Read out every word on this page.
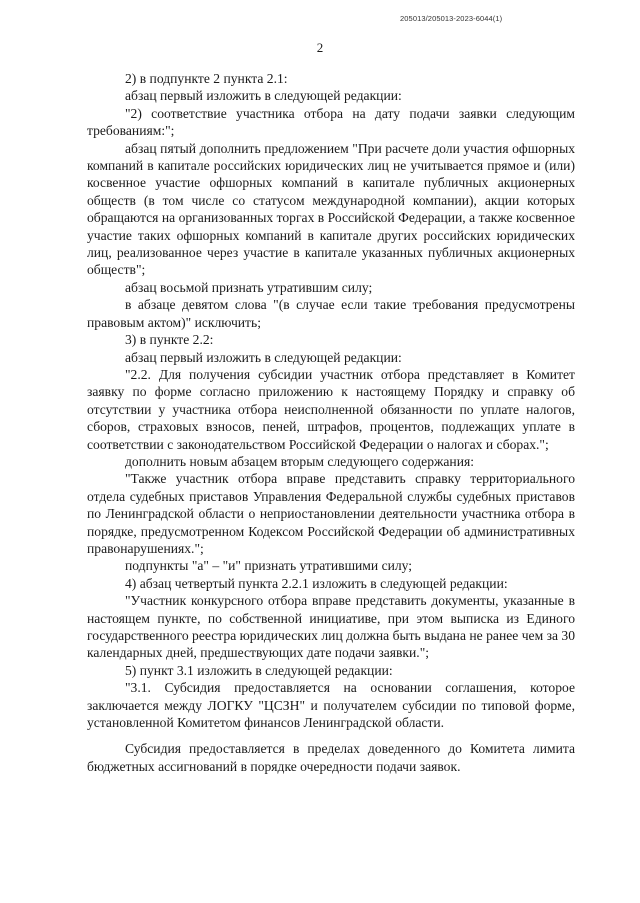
205013/205013-2023-6044(1)
2

2) в подпункте 2 пункта 2.1:

абзац первый изложить в следующей редакции:

"2) соответствие участника отбора на дату подачи заявки следующим требованиям:";

абзац пятый дополнить предложением "При расчете доли участия офшорных компаний в капитале российских юридических лиц не учитывается прямое и (или) косвенное участие офшорных компаний в капитале публичных акционерных обществ (в том числе со статусом международной компании), акции которых обращаются на организованных торгах в Российской Федерации, а также косвенное участие таких офшорных компаний в капитале других российских юридических лиц, реализованное через участие в капитале указанных публичных акционерных обществ";

абзац восьмой признать утратившим силу;

в абзаце девятом слова "(в случае если такие требования предусмотрены правовым актом)" исключить;

3) в пункте 2.2:

абзац первый изложить в следующей редакции:

"2.2. Для получения субсидии участник отбора представляет в Комитет заявку по форме согласно приложению к настоящему Порядку и справку об отсутствии у участника отбора неисполненной обязанности по уплате налогов, сборов, страховых взносов, пеней, штрафов, процентов, подлежащих уплате в соответствии с законодательством Российской Федерации о налогах и сборах.";

дополнить новым абзацем вторым следующего содержания:

"Также участник отбора вправе представить справку территориального отдела судебных приставов Управления Федеральной службы судебных приставов по Ленинградской области о неприостановлении деятельности участника отбора в порядке, предусмотренном Кодексом Российской Федерации об административных правонарушениях.";

подпункты "а" – "и" признать утратившими силу;

4) абзац четвертый пункта 2.2.1 изложить в следующей редакции:

"Участник конкурсного отбора вправе представить документы, указанные в настоящем пункте, по собственной инициативе, при этом выписка из Единого государственного реестра юридических лиц должна быть выдана не ранее чем за 30 календарных дней, предшествующих дате подачи заявки.";

5) пункт 3.1 изложить в следующей редакции:

"3.1. Субсидия предоставляется на основании соглашения, которое заключается между ЛОГКУ "ЦСЗН" и получателем субсидии по типовой форме, установленной Комитетом финансов Ленинградской области.

Субсидия предоставляется в пределах доведенного до Комитета лимита бюджетных ассигнований в порядке очередности подачи заявок.
